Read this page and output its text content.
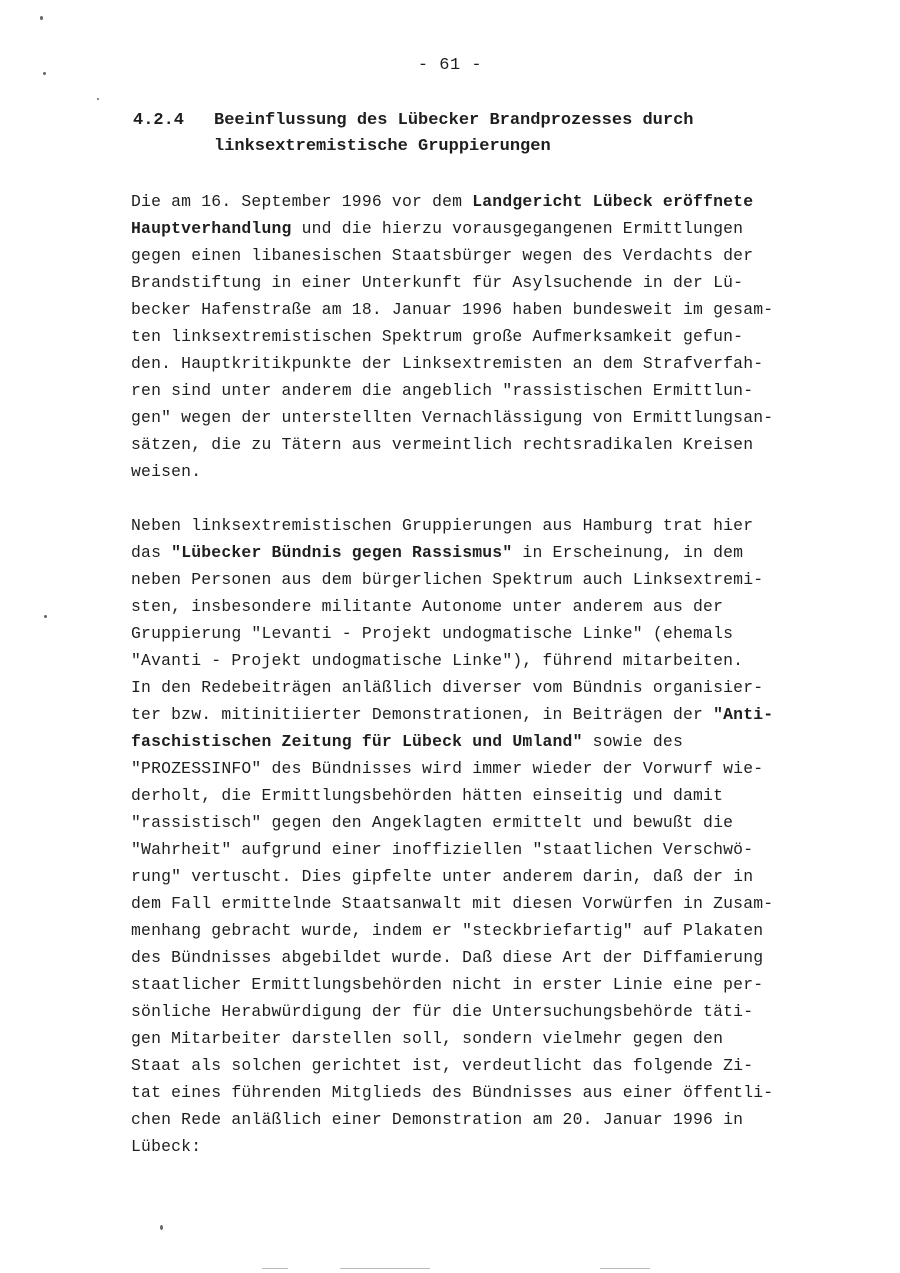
- 61 -
4.2.4 Beeinflussung des Lübecker Brandprozesses durch
linksextremistische Gruppierungen
Die am 16. September 1996 vor dem Landgericht Lübeck eröffnete
Hauptverhandlung und die hierzu vorausgegangenen Ermittlungen
gegen einen libanesischen Staatsbürger wegen des Verdachts der
Brandstiftung in einer Unterkunft für Asylsuchende in der Lü-
becker Hafenstraße am 18. Januar 1996 haben bundesweit im gesam-
ten linksextremistischen Spektrum große Aufmerksamkeit gefun-
den. Hauptkritikpunkte der Linksextremisten an dem Strafverfah-
ren sind unter anderem die angeblich "rassistischen Ermittlun-
gen" wegen der unterstellten Vernachlässigung von Ermittlungsan-
sätzen, die zu Tätern aus vermeintlich rechtsradikalen Kreisen
weisen.
Neben linksextremistischen Gruppierungen aus Hamburg trat hier
das "Lübecker Bündnis gegen Rassismus" in Erscheinung, in dem
neben Personen aus dem bürgerlichen Spektrum auch Linksextremi-
sten, insbesondere militante Autonome unter anderem aus der
Gruppierung "Levanti - Projekt undogmatische Linke" (ehemals
"Avanti - Projekt undogmatische Linke"), führend mitarbeiten.
In den Redebeiträgen anläßlich diverser vom Bündnis organisier-
ter bzw. mitinitiierter Demonstrationen, in Beiträgen der "Anti-
faschistischen Zeitung für Lübeck und Umland" sowie des
"PROZESSINFO" des Bündnisses wird immer wieder der Vorwurf wie-
derholt, die Ermittlungsbehörden hätten einseitig und damit
"rassistisch" gegen den Angeklagten ermittelt und bewußt die
"Wahrheit" aufgrund einer inoffiziellen "staatlichen Verschwö-
rung" vertuscht. Dies gipfelte unter anderem darin, daß der in
dem Fall ermittelnde Staatsanwalt mit diesen Vorwürfen in Zusam-
menhang gebracht wurde, indem er "steckbriefartig" auf Plakaten
des Bündnisses abgebildet wurde. Daß diese Art der Diffamierung
staatlicher Ermittlungsbehörden nicht in erster Linie eine per-
sönliche Herabwürdigung der für die Untersuchungsbehörde täti-
gen Mitarbeiter darstellen soll, sondern vielmehr gegen den
Staat als solchen gerichtet ist, verdeutlicht das folgende Zi-
tat eines führenden Mitglieds des Bündnisses aus einer öffentli-
chen Rede anläßlich einer Demonstration am 20. Januar 1996 in
Lübeck:
